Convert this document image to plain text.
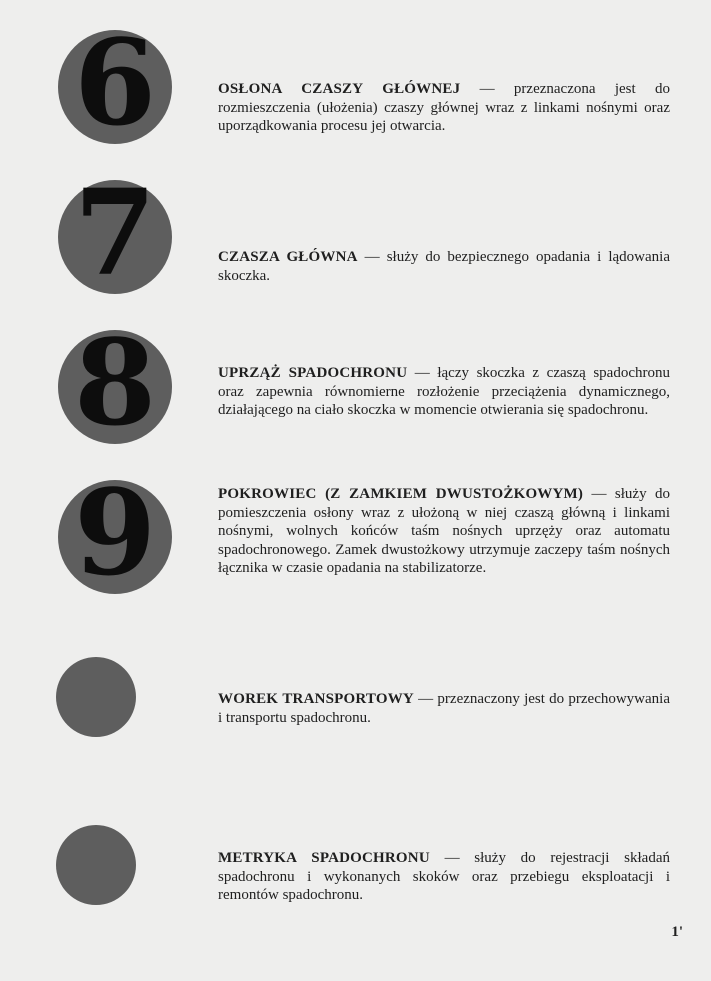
6	OSŁONA CZASZY GŁÓWNEJ — przeznaczona jest do rozmieszczenia (ułożenia) czaszy głównej wraz z linkami nośnymi oraz uporządkowania procesu jej otwarcia.
7	CZASZA GŁÓWNA — służy do bezpiecznego opadania i lądowania skoczka.
8	UPRZĄŻ SPADOCHRONU — łączy skoczka z czaszą spadochronu oraz zapewnia równomierne rozłożenie przeciążenia dynamicznego, działającego na ciało skoczka w momencie otwierania się spadochronu.
9	POKROWIEC (Z ZAMKIEM DWUSTOŻKOWYM) — służy do pomieszczenia osłony wraz z ułożoną w niej czaszą główną i linkami nośnymi, wolnych końców taśm nośnych uprzęży oraz automatu spadochronowego. Zamek dwustożkowy utrzymuje zaczepy taśm nośnych łącznika w czasie opadania na stabilizatorze.
WOREK TRANSPORTOWY — przeznaczony jest do przechowywania i transportu spadochronu.
METRYKA SPADOCHRONU — służy do rejestracji składań spadochronu i wykonanych skoków oraz przebiegu eksploatacji i remontów spadochronu.
1'
